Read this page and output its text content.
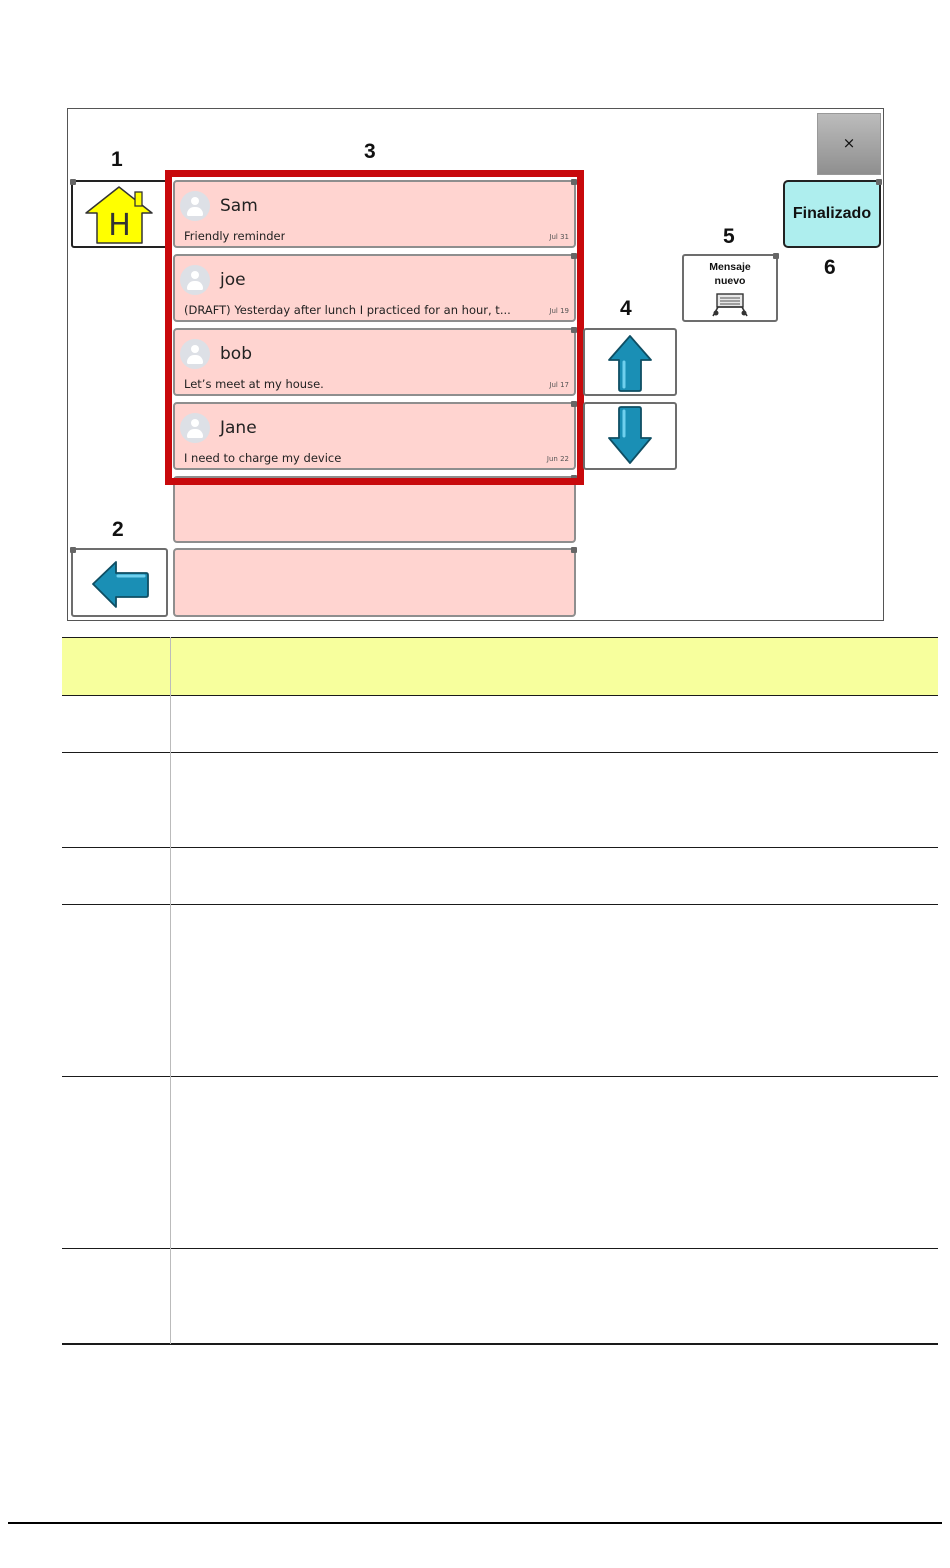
1
2
3
4
5
6
×
Finalizado
H
Sam
Friendly reminder	Jul 31
joe
(DRAFT) Yesterday after lunch I practiced for an hour, t...	Jul 19
bob
Let’s meet at my house.	Jul 17
Jane
I need to charge my device	Jun 22
Mensaje
nuevo
